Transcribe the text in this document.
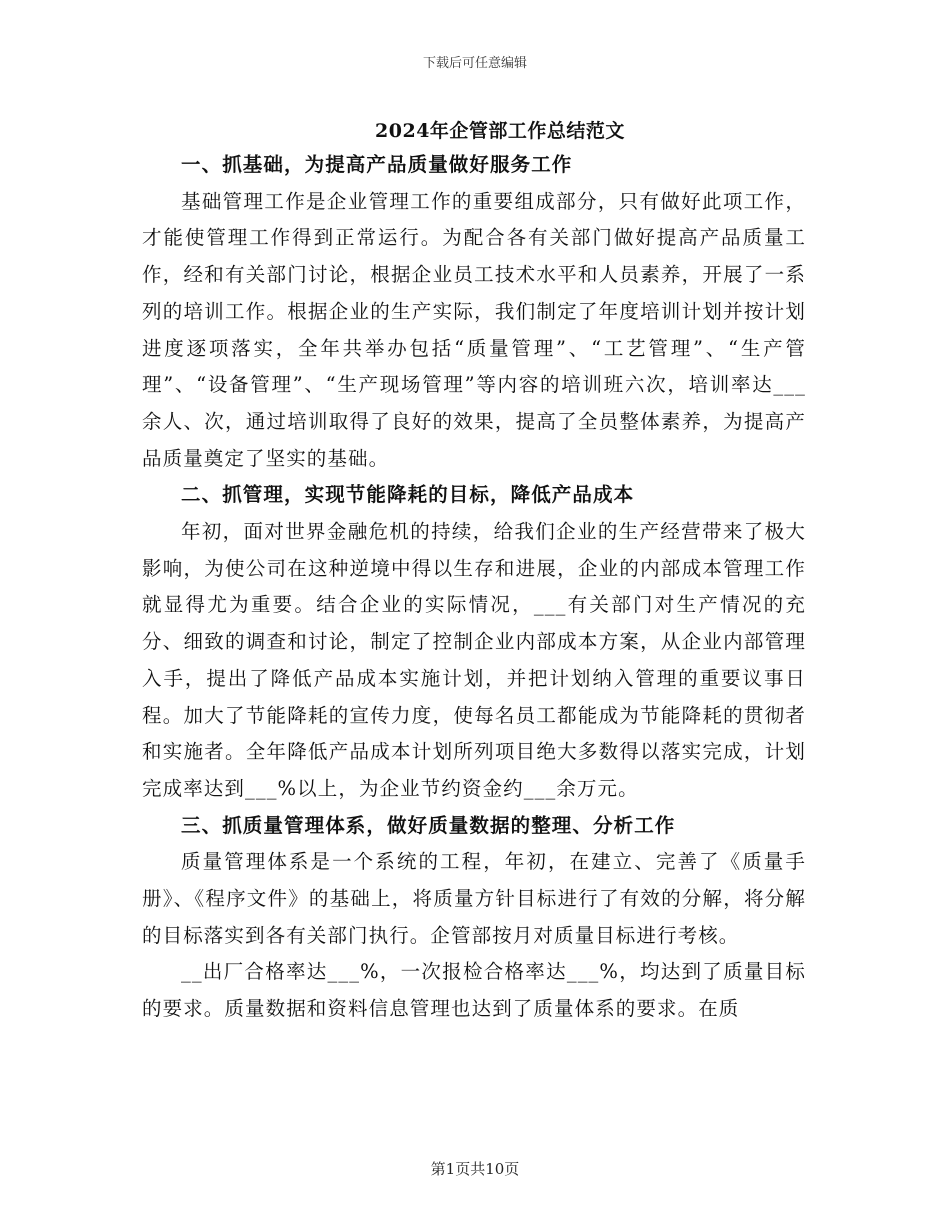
下载后可任意编辑
2024年企管部工作总结范文
一、抓基础，为提高产品质量做好服务工作

基础管理工作是企业管理工作的重要组成部分，只有做好此项工作，才能使管理工作得到正常运行。为配合各有关部门做好提高产品质量工作，经和有关部门讨论，根据企业员工技术水平和人员素养，开展了一系列的培训工作。根据企业的生产实际，我们制定了年度培训计划并按计划进度逐项落实，全年共举办包括“质量管理”、“工艺管理”、“生产管理”、“设备管理”、“生产现场管理”等内容的培训班六次，培训率达___余人、次，通过培训取得了良好的效果，提高了全员整体素养，为提高产品质量奠定了坚实的基础。

二、抓管理，实现节能降耗的目标，降低产品成本

年初，面对世界金融危机的持续，给我们企业的生产经营带来了极大影响，为使公司在这种逆境中得以生存和进展，企业的内部成本管理工作就显得尤为重要。结合企业的实际情况，___有关部门对生产情况的充分、细致的调查和讨论，制定了控制企业内部成本方案，从企业内部管理入手，提出了降低产品成本实施计划，并把计划纳入管理的重要议事日程。加大了节能降耗的宣传力度，使每名员工都能成为节能降耗的贯彻者和实施者。全年降低产品成本计划所列项目绝大多数得以落实完成，计划完成率达到___%以上，为企业节约资金约___余万元。

三、抓质量管理体系，做好质量数据的整理、分析工作

质量管理体系是一个系统的工程，年初，在建立、完善了《质量手册》、《程序文件》的基础上，将质量方针目标进行了有效的分解，将分解的目标落实到各有关部门执行。企管部按月对质量目标进行考核。

__出厂合格率达___%，一次报检合格率达___%，均达到了质量目标的要求。质量数据和资料信息管理也达到了质量体系的要求。在质

第1页共10页
